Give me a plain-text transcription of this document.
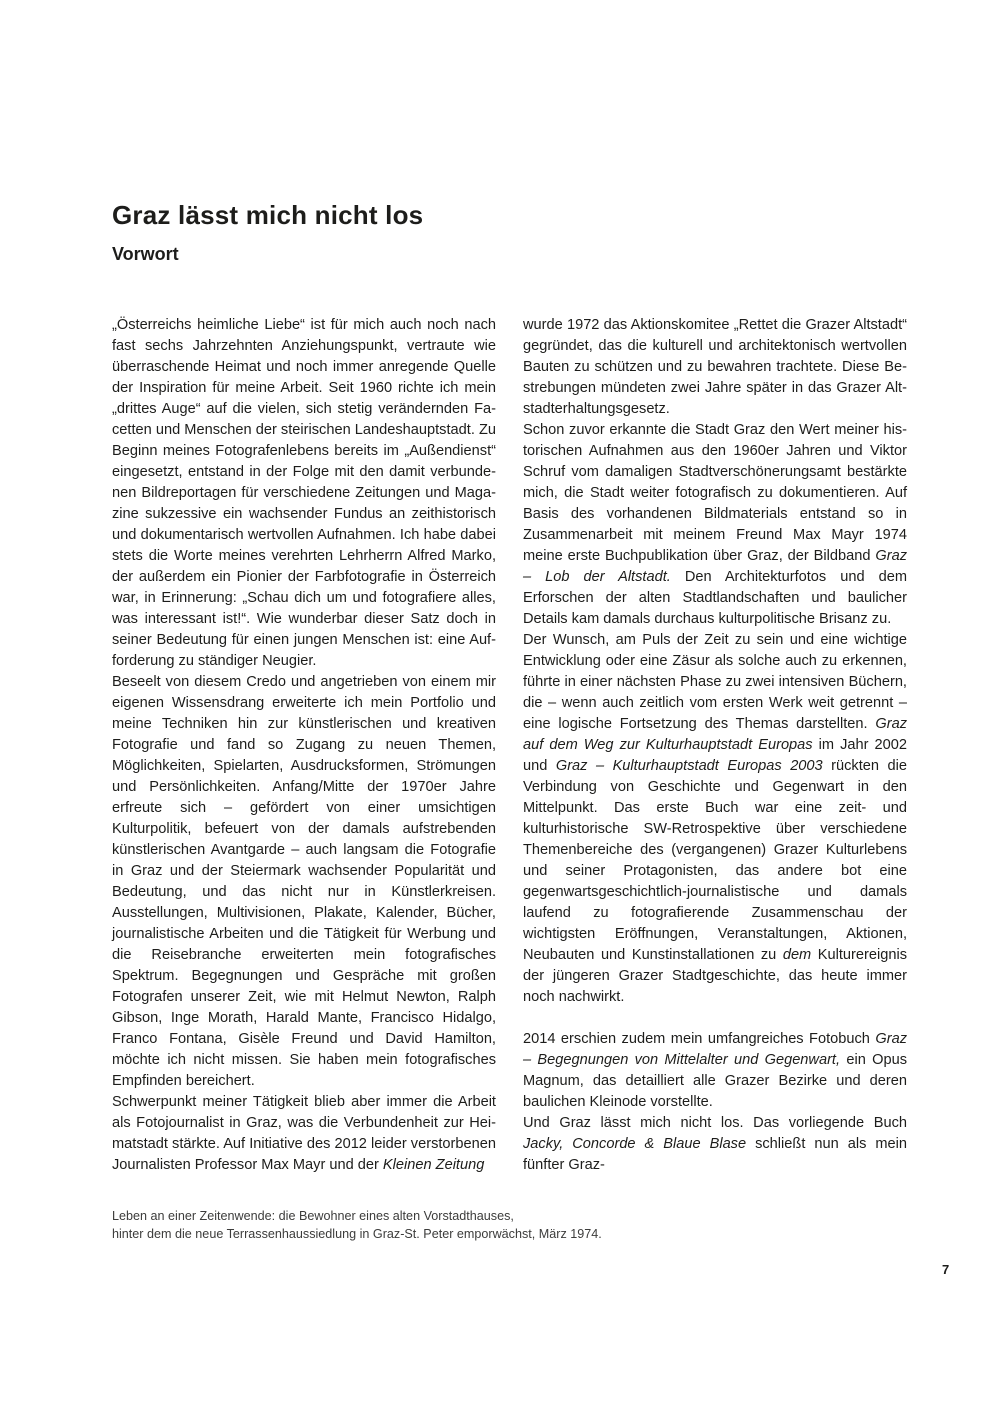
Graz lässt mich nicht los
Vorwort

„Österreichs heimliche Liebe“ ist für mich auch noch nach fast sechs Jahrzehnten Anziehungspunkt, vertraute wie überraschende Heimat und noch immer anregende Quelle der Inspiration für meine Arbeit. Seit 1960 richte ich mein „drittes Auge“ auf die vielen, sich stetig verändernden Facetten und Menschen der steirischen Landeshauptstadt. Zu Beginn meines Fotografenlebens bereits im „Außendienst“ eingesetzt, entstand in der Folge mit den damit verbundenen Bildreportagen für verschiedene Zeitungen und Magazine sukzessive ein wachsender Fundus an zeithistorisch und dokumentarisch wertvollen Aufnahmen. Ich habe dabei stets die Worte meines verehrten Lehrherrn Alfred Marko, der außerdem ein Pionier der Farbfotografie in Österreich war, in Erinnerung: „Schau dich um und fotografiere alles, was interessant ist!“. Wie wunderbar dieser Satz doch in seiner Bedeutung für einen jungen Menschen ist: eine Aufforderung zu ständiger Neugier.

Beseelt von diesem Credo und angetrieben von einem mir eigenen Wissensdrang erweiterte ich mein Portfolio und meine Techniken hin zur künstlerischen und kreativen Fotografie und fand so Zugang zu neuen Themen, Möglichkeiten, Spielarten, Ausdrucksformen, Strömungen und Persönlichkeiten. Anfang/Mitte der 1970er Jahre erfreute sich – gefördert von einer umsichtigen Kulturpolitik, befeuert von der damals aufstrebenden künstlerischen Avantgarde – auch langsam die Fotografie in Graz und der Steiermark wachsender Popularität und Bedeutung, und das nicht nur in Künstlerkreisen. Ausstellungen, Multivisionen, Plakate, Kalender, Bücher, journalistische Arbeiten und die Tätigkeit für Werbung und die Reisebranche erweiterten mein fotografisches Spektrum. Begegnungen und Gespräche mit großen Fotografen unserer Zeit, wie mit Helmut Newton, Ralph Gibson, Inge Morath, Harald Mante, Francisco Hidalgo, Franco Fontana, Gisèle Freund und David Hamilton, möchte ich nicht missen. Sie haben mein fotografisches Empfinden bereichert.

Schwerpunkt meiner Tätigkeit blieb aber immer die Arbeit als Fotojournalist in Graz, was die Verbundenheit zur Heimatstadt stärkte. Auf Initiative des 2012 leider verstorbenen Journalisten Professor Max Mayr und der Kleinen Zeitung

wurde 1972 das Aktionskomitee „Rettet die Grazer Altstadt“ gegründet, das die kulturell und architektonisch wertvollen Bauten zu schützen und zu bewahren trachtete. Diese Bestrebungen mündeten zwei Jahre später in das Grazer Altstadterhaltungsgesetz.

Schon zuvor erkannte die Stadt Graz den Wert meiner historischen Aufnahmen aus den 1960er Jahren und Viktor Schruf vom damaligen Stadtverschönerungsamt bestärkte mich, die Stadt weiter fotografisch zu dokumentieren. Auf Basis des vorhandenen Bildmaterials entstand so in Zusammenarbeit mit meinem Freund Max Mayr 1974 meine erste Buchpublikation über Graz, der Bildband Graz – Lob der Altstadt. Den Architekturfotos und dem Erforschen der alten Stadtlandschaften und baulicher Details kam damals durchaus kulturpolitische Brisanz zu.

Der Wunsch, am Puls der Zeit zu sein und eine wichtige Entwicklung oder eine Zäsur als solche auch zu erkennen, führte in einer nächsten Phase zu zwei intensiven Büchern, die – wenn auch zeitlich vom ersten Werk weit getrennt – eine logische Fortsetzung des Themas darstellten. Graz auf dem Weg zur Kulturhauptstadt Europas im Jahr 2002 und Graz – Kulturhauptstadt Europas 2003 rückten die Verbindung von Geschichte und Gegenwart in den Mittelpunkt. Das erste Buch war eine zeit- und kulturhistorische SW-Retrospektive über verschiedene Themenbereiche des (vergangenen) Grazer Kulturlebens und seiner Protagonisten, das andere bot eine gegenwartsgeschichtlich-journalistische und damals laufend zu fotografierende Zusammenschau der wichtigsten Eröffnungen, Veranstaltungen, Aktionen, Neubauten und Kunstinstallationen zu dem Kulturereignis der jüngeren Grazer Stadtgeschichte, das heute immer noch nachwirkt.

2014 erschien zudem mein umfangreiches Fotobuch Graz – Begegnungen von Mittelalter und Gegenwart, ein Opus Magnum, das detailliert alle Grazer Bezirke und deren baulichen Kleinode vorstellte.

Und Graz lässt mich nicht los. Das vorliegende Buch Jacky, Concorde & Blaue Blase schließt nun als mein fünfter Graz-

Leben an einer Zeitenwende: die Bewohner eines alten Vorstadthauses,
hinter dem die neue Terrassenhaussiedlung in Graz-St. Peter emporwächst, März 1974.
7
